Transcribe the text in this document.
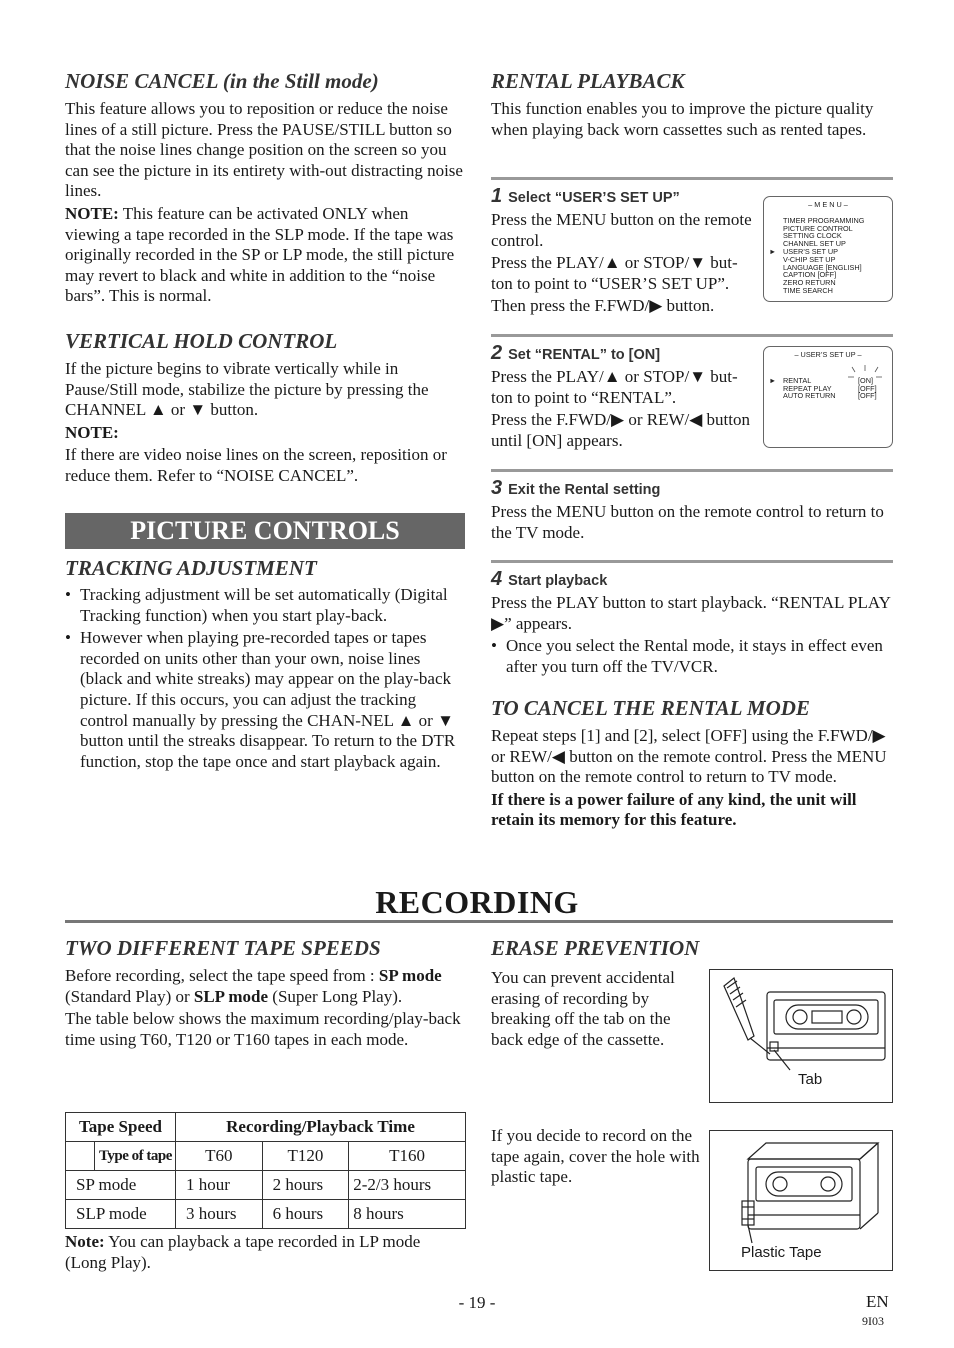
NOISE CANCEL (in the Still mode)

This feature allows you to reposition or reduce the noise lines of a still picture. Press the PAUSE/STILL button so that the noise lines change position on the screen so you can see the picture in its entirety with-out distracting noise lines.

NOTE: This feature can be activated ONLY when viewing a tape recorded in the SLP mode. If the tape was originally recorded in the SP or LP mode, the still picture may revert to black and white in addition to the “noise bars”. This is normal.

VERTICAL HOLD CONTROL

If the picture begins to vibrate vertically while in Pause/Still mode, stabilize the picture by pressing the CHANNEL ▲ or ▼ button.

NOTE:

If there are video noise lines on the screen, reposition or reduce them. Refer to “NOISE CANCEL”.

PICTURE CONTROLS
TRACKING ADJUSTMENT
• Tracking adjustment will be set automatically (Digital Tracking function) when you start play-back.
• However when playing pre-recorded tapes or tapes recorded on units other than your own, noise lines (black and white streaks) may appear on the play-back picture. If this occurs, you can adjust the tracking control manually by pressing the CHAN-NEL ▲ or ▼ button until the streaks disappear. To return to the DTR function, stop the tape once and start playback again.
RENTAL PLAYBACK

This function enables you to improve the picture quality when playing back worn cassettes such as rented tapes.

1 Select “USER’S SET UP”

Press the MENU button on the remote control.

Press the PLAY/▲ or STOP/▼ but-ton to point to “USER’S SET UP”.

Then press the F.FWD/▶ button.

– M E N U –
TIMER PROGRAMMING
PICTURE CONTROL
SETTING CLOCK
CHANNEL SET UP
► USER’S SET UP
V-CHIP SET UP
LANGUAGE [ENGLISH]
CAPTION [OFF]
ZERO RETURN
TIME SEARCH
2 Set “RENTAL” to [ON]

Press the PLAY/▲ or STOP/▼ but-ton to point to “RENTAL”.

Press the F.FWD/▶ or REW/◀ button until [ON] appears.

– USER’S SET UP –
► RENTAL
REPEAT PLAY
AUTO RETURN
[ON]
[OFF]
[OFF]
3 Exit the Rental setting

Press the MENU button on the remote control to return to the TV mode.

4 Start playback

Press the PLAY button to start playback. “RENTAL PLAY ▶” appears.

• Once you select the Rental mode, it stays in effect even after you turn off the TV/VCR.
TO CANCEL THE RENTAL MODE

Repeat steps [1] and [2], select [OFF] using the F.FWD/▶ or REW/◀ button on the remote control. Press the MENU button on the remote control to return to TV mode.

If there is a power failure of any kind, the unit will retain its memory for this feature.

RECORDING
TWO DIFFERENT TAPE SPEEDS

Before recording, select the tape speed from : SP mode (Standard Play) or SLP mode (Super Long Play).

The table below shows the maximum recording/play-back time using T60, T120 or T160 tapes in each mode.

Tape Speed		Recording/Playback Time		
	Type of tape	T60	T120	T160
SP mode		1 hour	2 hours	2-2/3 hours
SLP mode		3 hours	6 hours	8 hours

Note: You can playback a tape recorded in LP mode (Long Play).

ERASE PREVENTION

You can prevent accidental erasing of recording by breaking off the tab on the back edge of the cassette.

If you decide to record on the tape again, cover the hole with plastic tape.

Tab
Plastic Tape
- 19 -	EN
9I03
